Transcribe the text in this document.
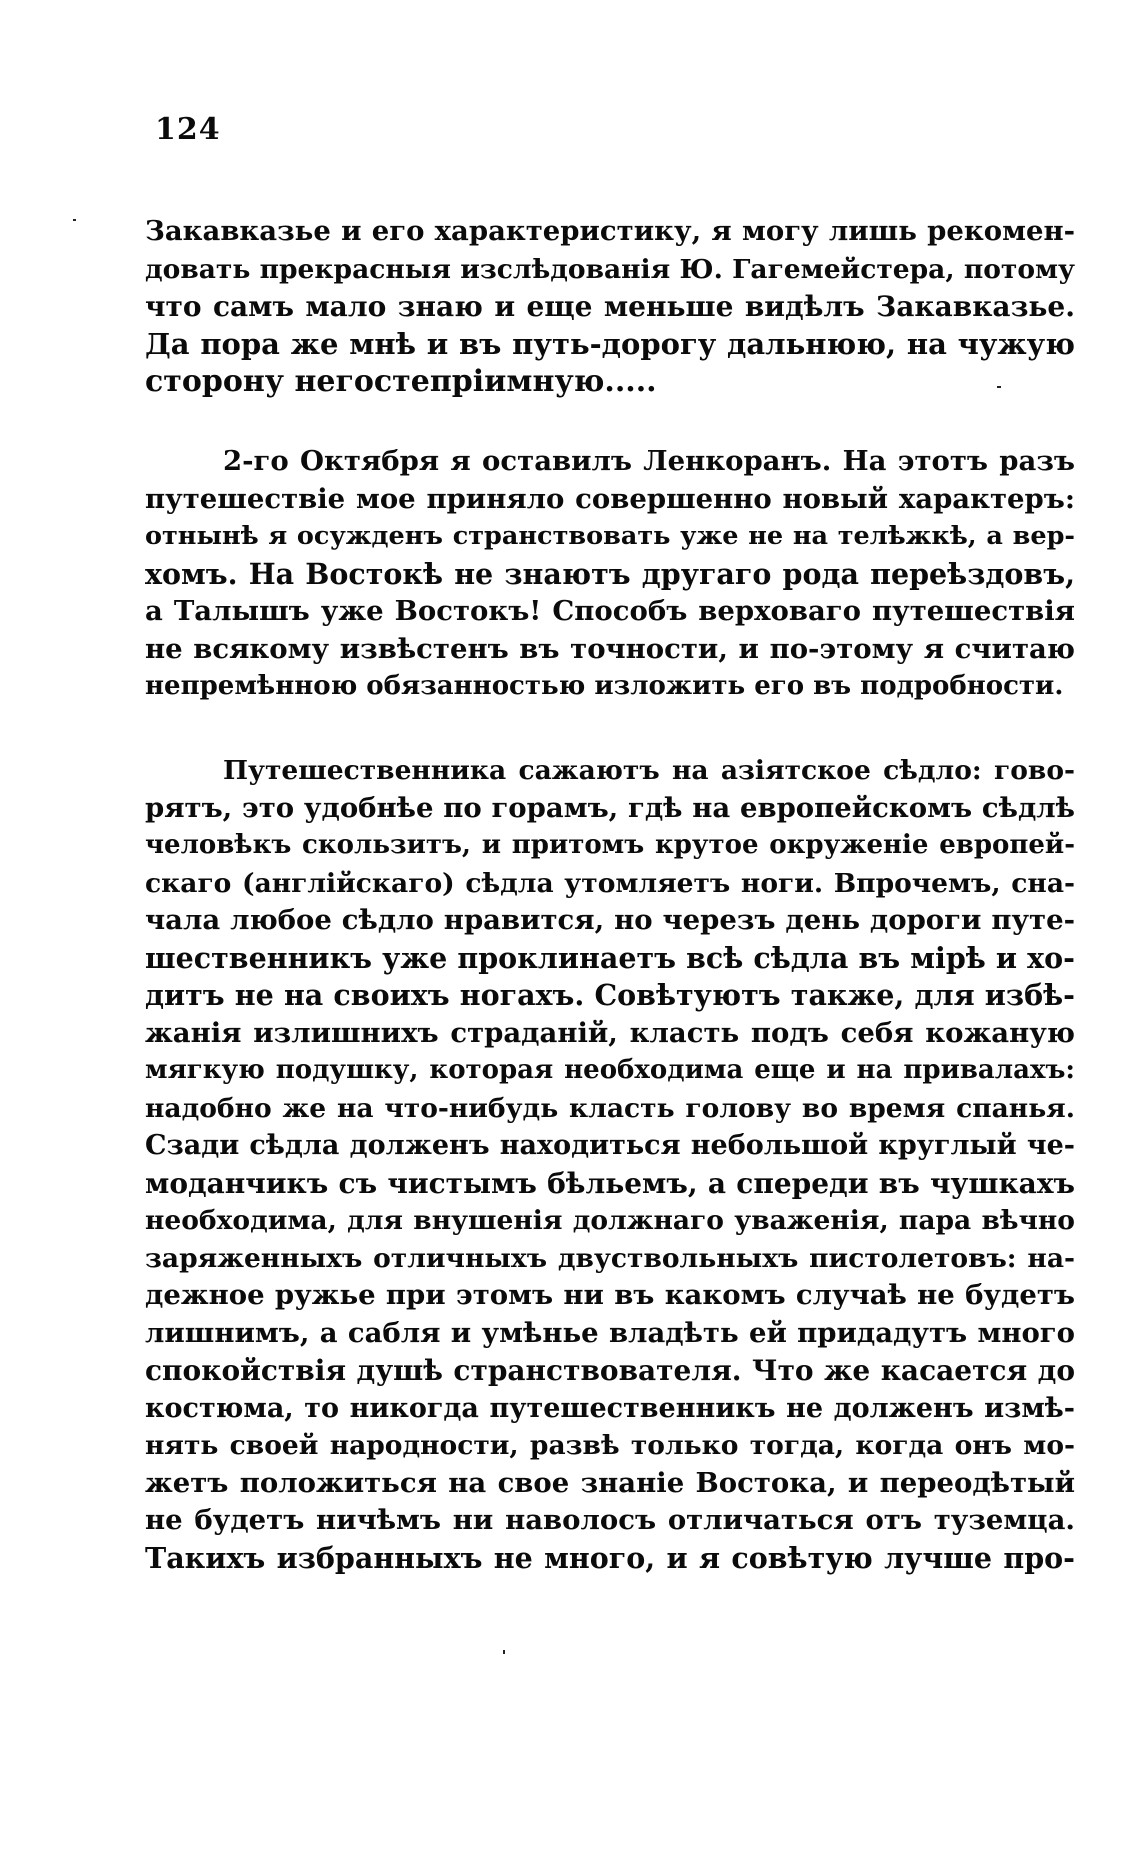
124
Закавказье и его характеристику, я могу лишь рекомен-
довать прекрасныя изслѣдованія Ю. Гагемейстера, потому
что самъ мало знаю и еще меньше видѣлъ Закавказье.
Да пора же мнѣ и въ путь-дорогу дальнюю, на чужую
сторону негостепріимную.....
2-го Октября я оставилъ Ленкоранъ. На этотъ разъ
путешествіе мое приняло совершенно новый характеръ:
отнынѣ я осужденъ странствовать уже не на телѣжкѣ, а вер-
хомъ. На Востокѣ не знаютъ другаго рода переѣздовъ,
а Талышъ уже Востокъ! Способъ верховаго путешествія
не всякому извѣстенъ въ точности, и по-этому я считаю
непремѣнною обязанностью изложить его въ подробности.
Путешественника сажаютъ на азіятское сѣдло: гово-
рятъ, это удобнѣе по горамъ, гдѣ на европейскомъ сѣдлѣ
человѣкъ скользитъ, и притомъ крутое окруженіе европей-
скаго (англійскаго) сѣдла утомляетъ ноги. Впрочемъ, сна-
чала любое сѣдло нравится, но черезъ день дороги путе-
шественникъ уже проклинаетъ всѣ сѣдла въ мірѣ и хо-
дитъ не на своихъ ногахъ. Совѣтуютъ также, для избѣ-
жанія излишнихъ страданій, класть подъ себя кожаную
мягкую подушку, которая необходима еще и на привалахъ:
надобно же на что-нибудь класть голову во время спанья.
Сзади сѣдла долженъ находиться небольшой круглый че-
моданчикъ съ чистымъ бѣльемъ, а спереди въ чушкахъ
необходима, для внушенія должнаго уваженія, пара вѣчно
заряженныхъ отличныхъ двуствольныхъ пистолетовъ: на-
дежное ружье при этомъ ни въ какомъ случаѣ не будетъ
лишнимъ, а сабля и умѣнье владѣть ей придадутъ много
спокойствія душѣ странствователя. Что же касается до
костюма, то никогда путешественникъ не долженъ измѣ-
нять своей народности, развѣ только тогда, когда онъ мо-
жетъ положиться на свое знаніе Востока, и переодѣтый
не будетъ ничѣмъ ни наволосъ отличаться отъ туземца.
Такихъ избранныхъ не много, и я совѣтую лучше про-
